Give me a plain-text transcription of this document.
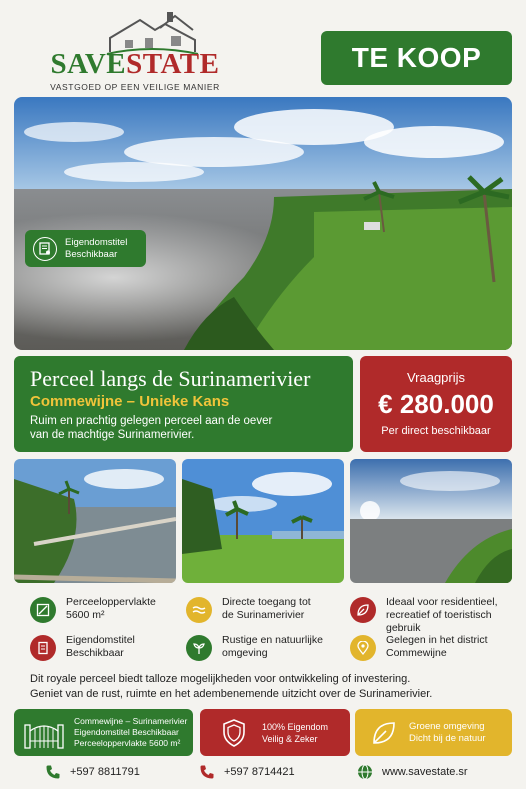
SAVESTATE
VASTGOED OP EEN VEILIGE MANIER
TE KOOP
Eigendomstitel
Beschikbaar
Perceel langs de Surinamerivier
Commewijne – Unieke Kans
Ruim en prachtig gelegen perceel aan de oever
van de machtige Surinamerivier.
Vraagprijs
€ 280.000
Per direct beschikbaar
Perceeloppervlakte
5600 m²
Directe toegang tot
de Surinamerivier
Ideaal voor residentieel,
recreatief of toeristisch
gebruik
Eigendomstitel
Beschikbaar
Rustige en natuurlijke
omgeving
Gelegen in het district
Commewijne
Dit royale perceel biedt talloze mogelijkheden voor ontwikkeling of investering.
Geniet van de rust, ruimte en het adembenemende uitzicht over de Surinamerivier.
Commewijne – Surinamerivier
Eigendomstitel Beschikbaar
Perceeloppervlakte 5600 m²
100% Eigendom
Veilig & Zeker
Groene omgeving
Dicht bij de natuur
+597 8811791	+597 8714421	www.savestate.sr
